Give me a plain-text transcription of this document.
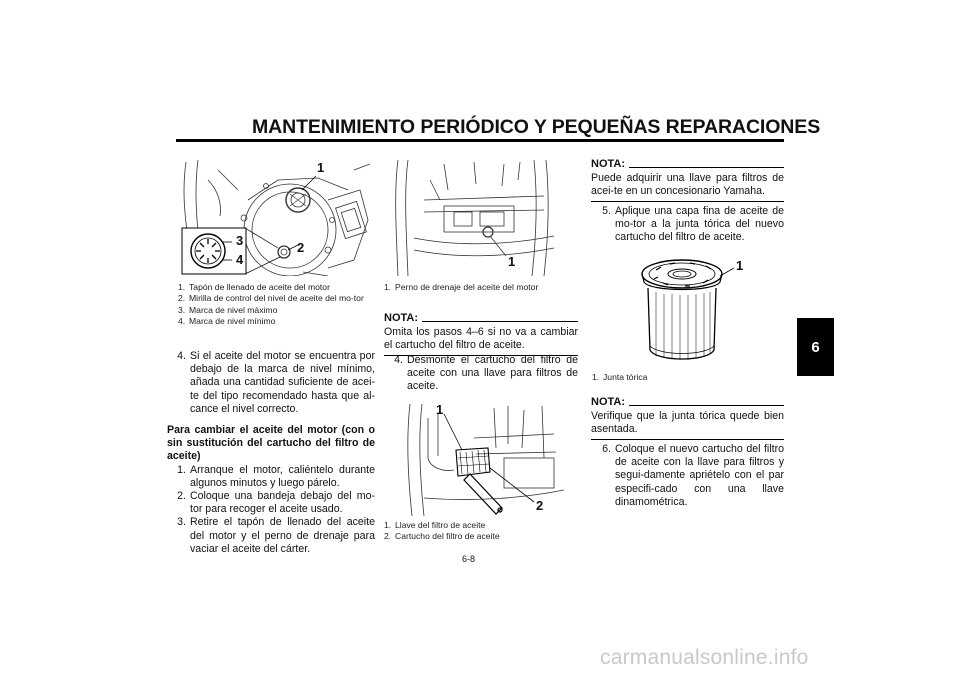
MANTENIMIENTO PERIÓDICO Y PEQUEÑAS REPARACIONES
1
2
3
4
1. Tapón de llenado de aceite del motor
2. Mirilla de control del nivel de aceite del mo-tor
3. Marca de nivel máximo
4. Marca de nivel mínimo
4. Si el aceite del motor se encuentra por debajo de la marca de nivel mínimo, añada una cantidad suficiente de acei-te del tipo recomendado hasta que al-cance el nivel correcto.
Para cambiar el aceite del motor (con o sin sustitución del cartucho del filtro de aceite)
1. Arranque el motor, caliéntelo durante algunos minutos y luego párelo.
2. Coloque una bandeja debajo del mo-tor para recoger el aceite usado.
3. Retire el tapón de llenado del aceite del motor y el perno de drenaje para vaciar el aceite del cárter.
1
1. Perno de drenaje del aceite del motor
NOTA:
Omita los pasos 4–6 si no va a cambiar el cartucho del filtro de aceite.
4. Desmonte el cartucho del filtro de aceite con una llave para filtros de aceite.
1
2
1. Llave del filtro de aceite
2. Cartucho del filtro de aceite
NOTA:
Puede adquirir una llave para filtros de acei-te en un concesionario Yamaha.
5. Aplique una capa fina de aceite de mo-tor a la junta tórica del nuevo cartucho del filtro de aceite.
1
1. Junta tórica
NOTA:
Verifique que la junta tórica quede bien asentada.
6. Coloque el nuevo cartucho del filtro de aceite con la llave para filtros y segui-damente apriételo con el par especifi-cado con una llave dinamométrica.
6
6-8
carmanualsonline.info
